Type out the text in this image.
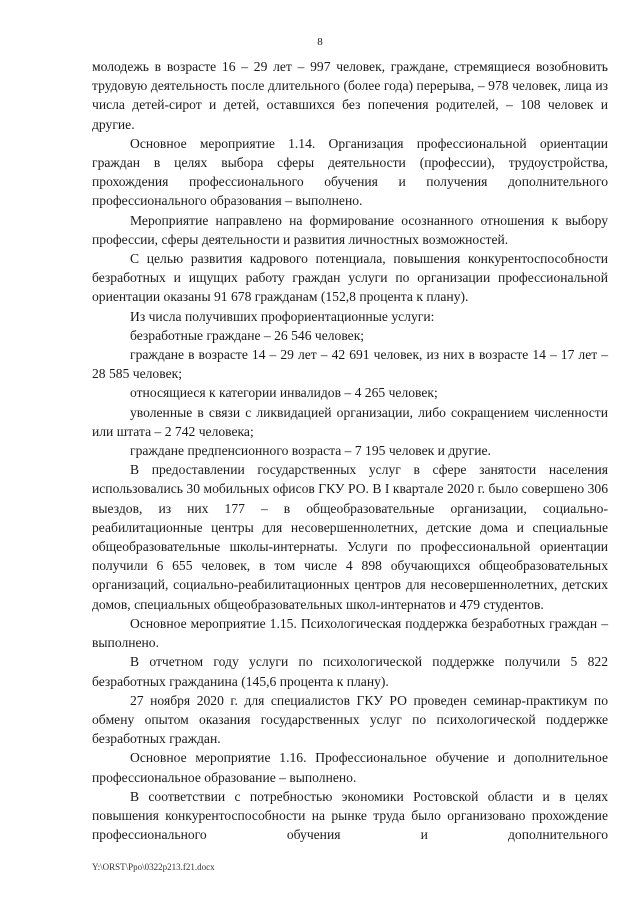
8

молодежь в возрасте 16 – 29 лет – 997 человек, граждане, стремящиеся возобновить трудовую деятельность после длительного (более года) перерыва, – 978 человек, лица из числа детей-сирот и детей, оставшихся без попечения родителей, – 108 человек и другие.

Основное мероприятие 1.14. Организация профессиональной ориентации граждан в целях выбора сферы деятельности (профессии), трудоустройства, прохождения профессионального обучения и получения дополнительного профессионального образования – выполнено.

Мероприятие направлено на формирование осознанного отношения к выбору профессии, сферы деятельности и развития личностных возможностей.

С целью развития кадрового потенциала, повышения конкурентоспособности безработных и ищущих работу граждан услуги по организации профессиональной ориентации оказаны 91 678 гражданам (152,8 процента к плану).

Из числа получивших профориентационные услуги:

безработные граждане – 26 546 человек;

граждане в возрасте 14 – 29 лет – 42 691 человек, из них в возрасте 14 – 17 лет – 28 585 человек;

относящиеся к категории инвалидов – 4 265 человек;

уволенные в связи с ликвидацией организации, либо сокращением численности или штата – 2 742 человека;

граждане предпенсионного возраста – 7 195 человек и другие.

В предоставлении государственных услуг в сфере занятости населения использовались 30 мобильных офисов ГКУ РО. В I квартале 2020 г. было совершено 306 выездов, из них 177 – в общеобразовательные организации, социально-реабилитационные центры для несовершеннолетних, детские дома и специальные общеобразовательные школы-интернаты. Услуги по профессиональной ориентации получили 6 655 человек, в том числе 4 898 обучающихся общеобразовательных организаций, социально-реабилитационных центров для несовершеннолетних, детских домов, специальных общеобразовательных школ-интернатов и 479 студентов.

Основное мероприятие 1.15. Психологическая поддержка безработных граждан – выполнено.

В отчетном году услуги по психологической поддержке получили 5 822 безработных гражданина (145,6 процента к плану).

27 ноября 2020 г. для специалистов ГКУ РО проведен семинар-практикум по обмену опытом оказания государственных услуг по психологической поддержке безработных граждан.

Основное мероприятие 1.16. Профессиональное обучение и дополнительное профессиональное образование – выполнено.

В соответствии с потребностью экономики Ростовской области и в целях повышения конкурентоспособности на рынке труда было организовано прохождение профессионального обучения и дополнительного

Y:\ORST\Ppo\0322p213.f21.docx
